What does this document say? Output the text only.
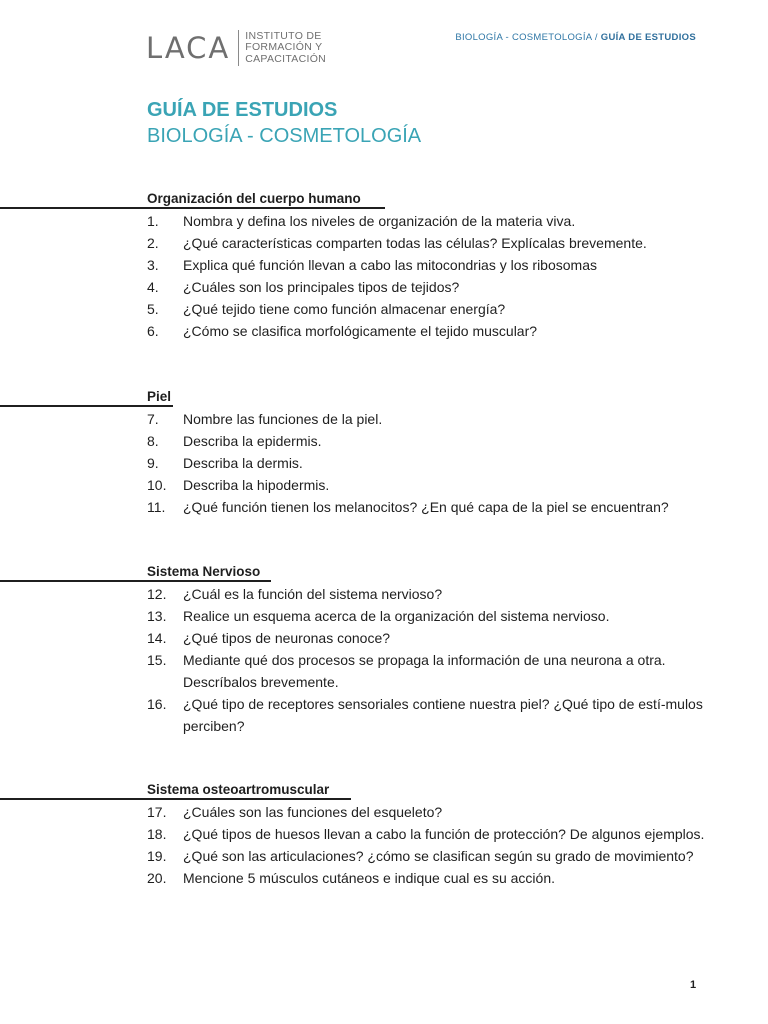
LACA INSTITUTO DE
FORMACIÓN Y
CAPACITACIÓN
BIOLOGÍA - COSMETOLOGÍA / GUÍA DE ESTUDIOS
GUÍA DE ESTUDIOS
BIOLOGÍA - COSMETOLOGÍA
Organización del cuerpo humano
1. Nombra y defina los niveles de organización de la materia viva.
2. ¿Qué características comparten todas las células? Explícalas brevemente.
3. Explica qué función llevan a cabo las mitocondrias y los ribosomas
4. ¿Cuáles son los principales tipos de tejidos?
5. ¿Qué tejido tiene como función almacenar energía?
6. ¿Cómo se clasifica morfológicamente el tejido muscular?
Piel
7. Nombre las funciones de la piel.
8. Describa la epidermis.
9. Describa la dermis.
10. Describa la hipodermis.
11. ¿Qué función tienen los melanocitos? ¿En qué capa de la piel se encuentran?
Sistema Nervioso
12. ¿Cuál es la función del sistema nervioso?
13. Realice un esquema acerca de la organización del sistema nervioso.
14. ¿Qué tipos de neuronas conoce?
15. Mediante qué dos procesos se propaga la información de una neurona a otra. Descríbalos brevemente.
16. ¿Qué tipo de receptores sensoriales contiene nuestra piel? ¿Qué tipo de estí-mulos perciben?
Sistema osteoartromuscular
17. ¿Cuáles son las funciones del esqueleto?
18. ¿Qué tipos de huesos llevan a cabo la función de protección? De algunos ejemplos.
19. ¿Qué son las articulaciones? ¿cómo se clasifican según su grado de movimiento?
20. Mencione 5 músculos cutáneos e indique cual es su acción.
1
